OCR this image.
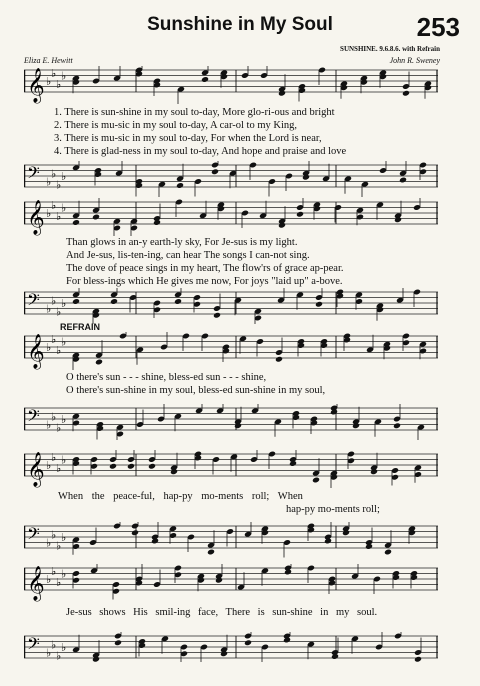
Sunshine in My Soul	253
Eliza E. Hewitt
SUNSHINE. 9.6.8.6. with Refrain
John R. Sweney
𝄞 ♭
♭
♭
♭
1. There is sun-shine in my soul to-day, More glo-ri-ous and bright
2. There is mu-sic in my soul to-day, A car-ol to my King,
3. There is mu-sic in my soul to-day, For when the Lord is near,
4. There is glad-ness in my soul to-day, And hope and praise and love
𝄢 ♭
♭
♭
♭
𝄞 ♭
♭
♭
♭
Than glows in an-y earth-ly sky, For Je-sus is my light.
And Je-sus, lis-ten-ing, can hear The songs I can-not sing.
The dove of peace sings in my heart, The flow'rs of grace ap-pear.
For bless-ings which He gives me now, For joys "laid up" a-bove.
𝄢 ♭
♭
♭
♭
REFRAIN
𝄞 ♭
♭
♭
♭
O there's sun - - - shine, bless-ed sun - - - shine,
O there's sun-shine in my soul, bless-ed sun-shine in my soul,
𝄢 ♭
♭
♭
♭
𝄞 ♭
♭
♭
♭
When the peace-ful, hap-py mo-ments roll; When
hap-py mo-ments roll;
𝄢 ♭
♭
♭
♭
𝄞 ♭
♭
♭
♭
Je-sus shows His smil-ing face, There is sun-shine in my soul.
𝄢 ♭
♭
♭
♭
